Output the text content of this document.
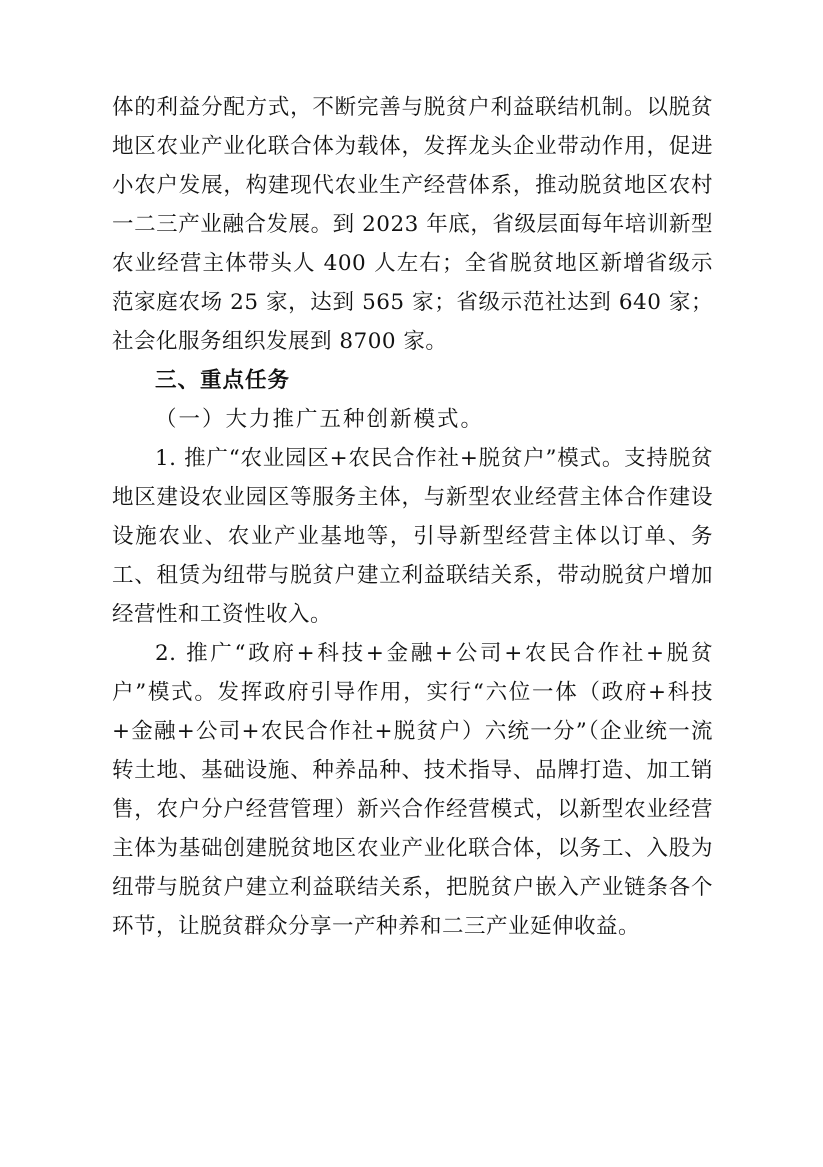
体的利益分配方式，不断完善与脱贫户利益联结机制。以脱贫地区农业产业化联合体为载体，发挥龙头企业带动作用，促进小农户发展，构建现代农业生产经营体系，推动脱贫地区农村一二三产业融合发展。到 2023 年底，省级层面每年培训新型农业经营主体带头人 400 人左右；全省脱贫地区新增省级示范家庭农场 25 家，达到 565 家；省级示范社达到 640 家；社会化服务组织发展到 8700 家。

三、重点任务

（一）大力推广五种创新模式。

1. 推广“农业园区+农民合作社+脱贫户”模式。支持脱贫地区建设农业园区等服务主体，与新型农业经营主体合作建设设施农业、农业产业基地等，引导新型经营主体以订单、务工、租赁为纽带与脱贫户建立利益联结关系，带动脱贫户增加经营性和工资性收入。

2. 推广“政府+科技+金融+公司+农民合作社+脱贫户”模式。发挥政府引导作用，实行“六位一体（政府+科技+金融+公司+农民合作社+脱贫户）六统一分”（企业统一流转土地、基础设施、种养品种、技术指导、品牌打造、加工销售，农户分户经营管理）新兴合作经营模式，以新型农业经营主体为基础创建脱贫地区农业产业化联合体，以务工、入股为纽带与脱贫户建立利益联结关系，把脱贫户嵌入产业链条各个环节，让脱贫群众分享一产种养和二三产业延伸收益。
